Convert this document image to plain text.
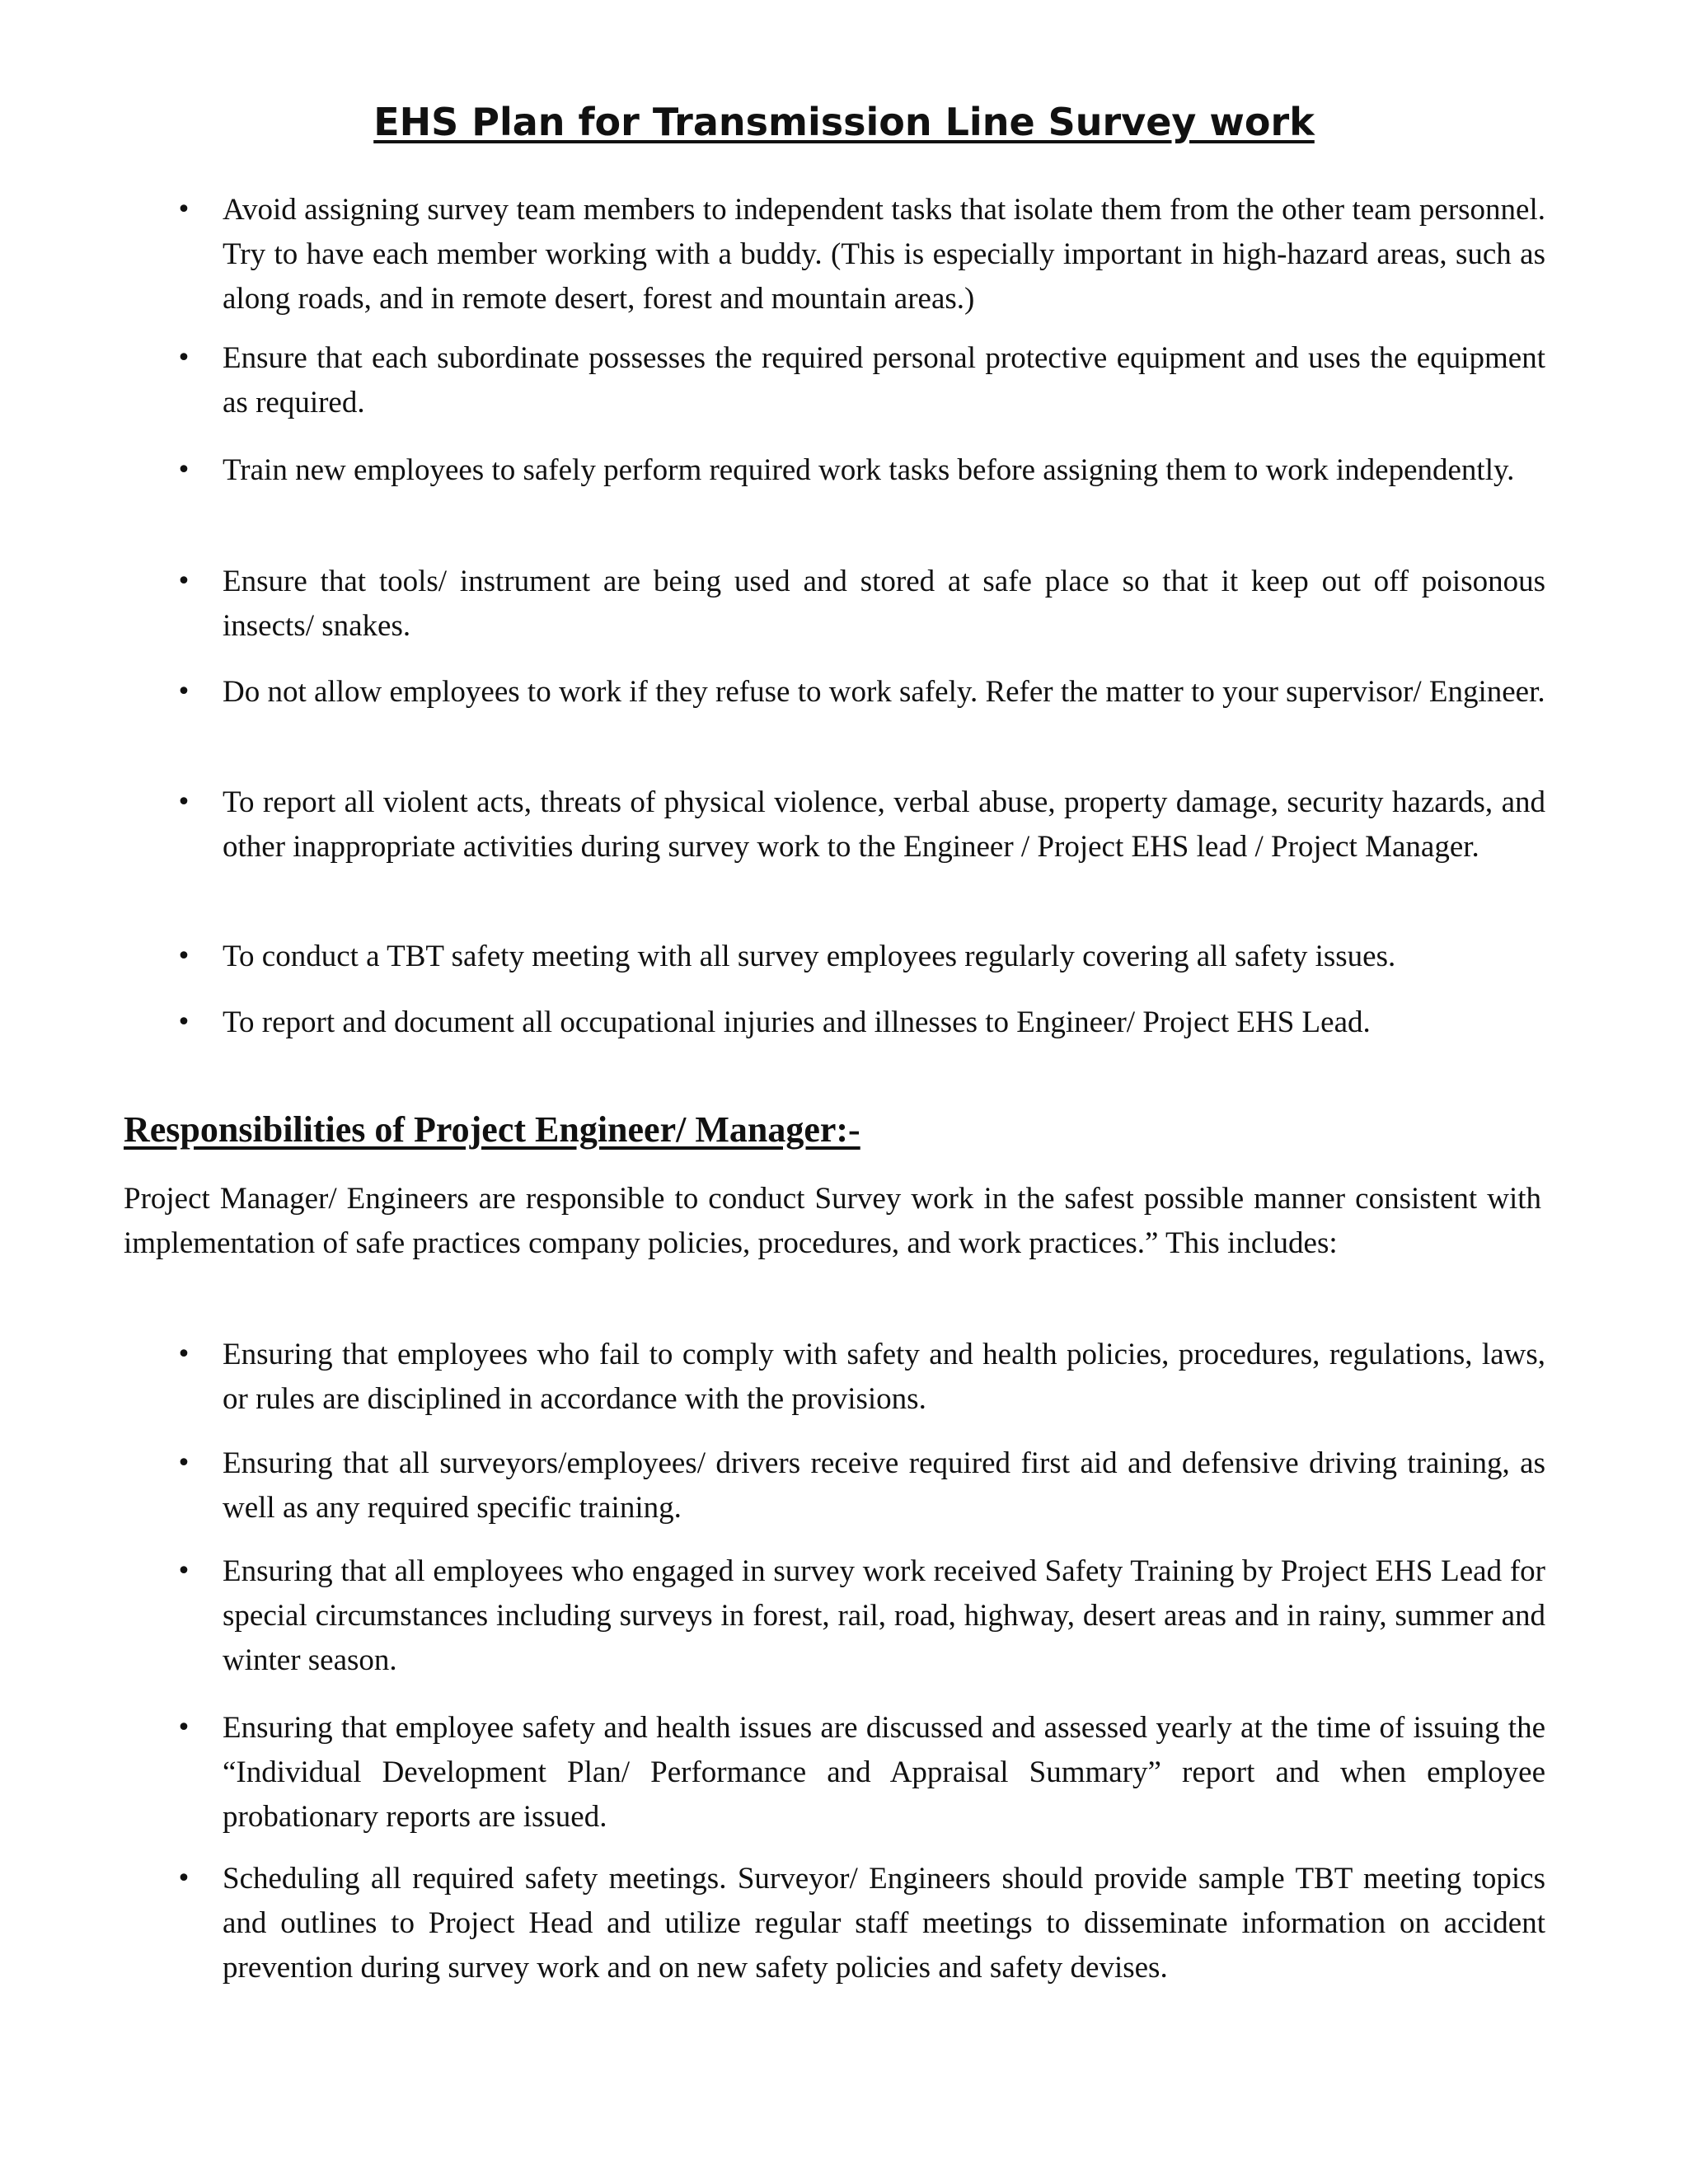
EHS Plan for Transmission Line Survey work
• Avoid assigning survey team members to independent tasks that isolate them from the other team personnel. Try to have each member working with a buddy. (This is especially important in high-hazard areas, such as along roads, and in remote desert, forest and mountain areas.)
• Ensure that each subordinate possesses the required personal protective equipment and uses the equipment as required.
• Train new employees to safely perform required work tasks before assigning them to work independently.
• Ensure that tools/ instrument are being used and stored at safe place so that it keep out off poisonous insects/ snakes.
• Do not allow employees to work if they refuse to work safely. Refer the matter to your supervisor/ Engineer.
• To report all violent acts, threats of physical violence, verbal abuse, property damage, security hazards, and other inappropriate activities during survey work to the Engineer / Project EHS lead / Project Manager.
• To conduct a TBT safety meeting with all survey employees regularly covering all safety issues.
• To report and document all occupational injuries and illnesses to Engineer/ Project EHS Lead.
Responsibilities of Project Engineer/ Manager:-

Project Manager/ Engineers are responsible to conduct Survey work in the safest possible manner consistent with implementation of safe practices company policies, procedures, and work practices.” This includes:

• Ensuring that employees who fail to comply with safety and health policies, procedures, regulations, laws, or rules are disciplined in accordance with the provisions.
• Ensuring that all surveyors/employees/ drivers receive required first aid and defensive driving training, as well as any required specific training.
• Ensuring that all employees who engaged in survey work received Safety Training by Project EHS Lead for special circumstances including surveys in forest, rail, road, highway, desert areas and in rainy, summer and winter season.
• Ensuring that employee safety and health issues are discussed and assessed yearly at the time of issuing the “Individual Development Plan/ Performance and Appraisal Summary” report and when employee probationary reports are issued.
• Scheduling all required safety meetings. Surveyor/ Engineers should provide sample TBT meeting topics and outlines to Project Head and utilize regular staff meetings to disseminate information on accident prevention during survey work and on new safety policies and safety devises.
